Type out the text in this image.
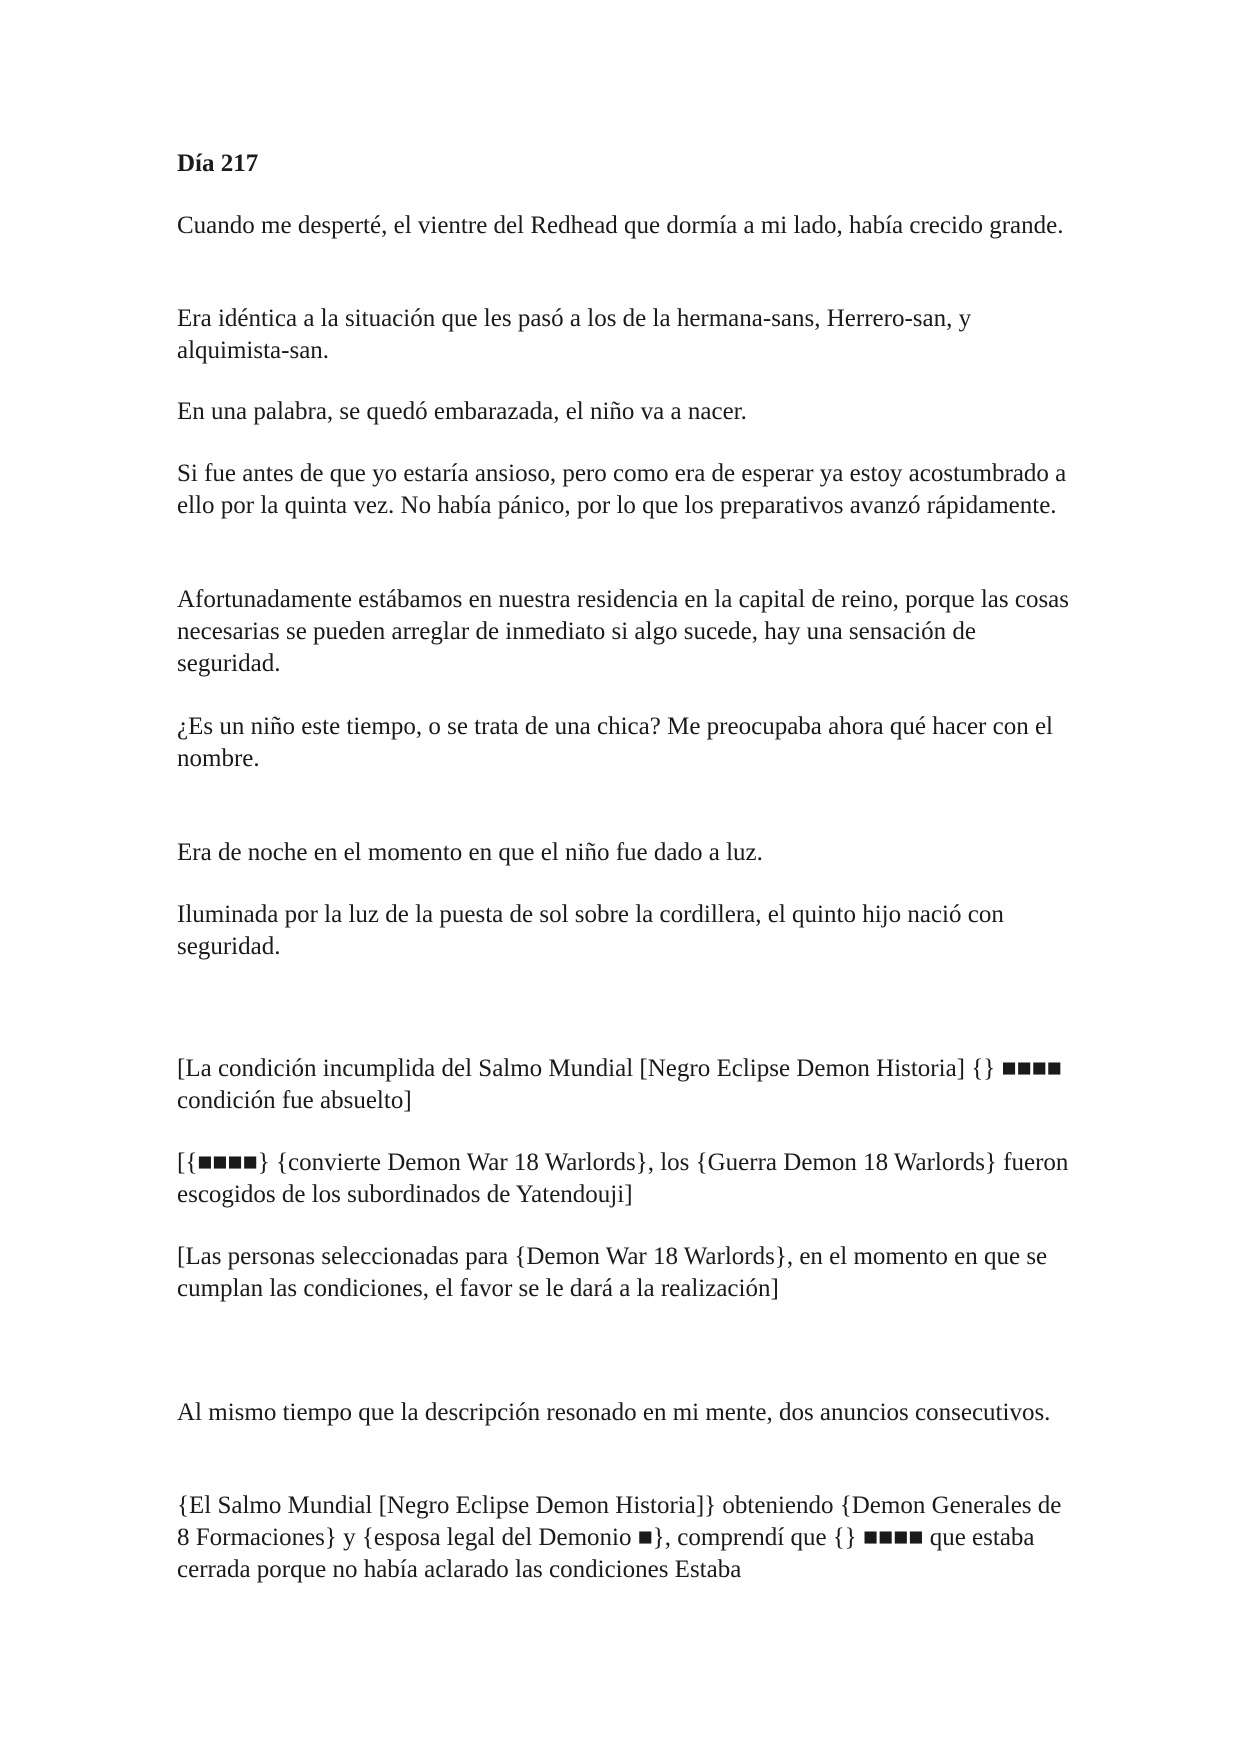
Día 217

Cuando me desperté, el vientre del Redhead que dormía a mi lado, había crecido grande.

Era idéntica a la situación que les pasó a los de la hermana-sans, Herrero-san, y alquimista-san.

En una palabra, se quedó embarazada, el niño va a nacer.

Si fue antes de que yo estaría ansioso, pero como era de esperar ya estoy acostumbrado a ello por la quinta vez. No había pánico, por lo que los preparativos avanzó rápidamente.

Afortunadamente estábamos en nuestra residencia en la capital de reino, porque las cosas necesarias se pueden arreglar de inmediato si algo sucede, hay una sensación de seguridad.

¿Es un niño este tiempo, o se trata de una chica? Me preocupaba ahora qué hacer con el nombre.

Era de noche en el momento en que el niño fue dado a luz.

Iluminada por la luz de la puesta de sol sobre la cordillera, el quinto hijo nació con seguridad.

[La condición incumplida del Salmo Mundial [Negro Eclipse Demon Historia] {} ■■■■ condición fue absuelto]

[{■■■■} {convierte Demon War 18 Warlords}, los {Guerra Demon 18 Warlords} fueron escogidos de los subordinados de Yatendouji]

[Las personas seleccionadas para {Demon War 18 Warlords}, en el momento en que se cumplan las condiciones, el favor se le dará a la realización]

Al mismo tiempo que la descripción resonado en mi mente, dos anuncios consecutivos.

{El Salmo Mundial [Negro Eclipse Demon Historia]} obteniendo {Demon Generales de 8 Formaciones} y {esposa legal del Demonio ■}, comprendí que {} ■■■■ que estaba cerrada porque no había aclarado las condiciones Estaba
